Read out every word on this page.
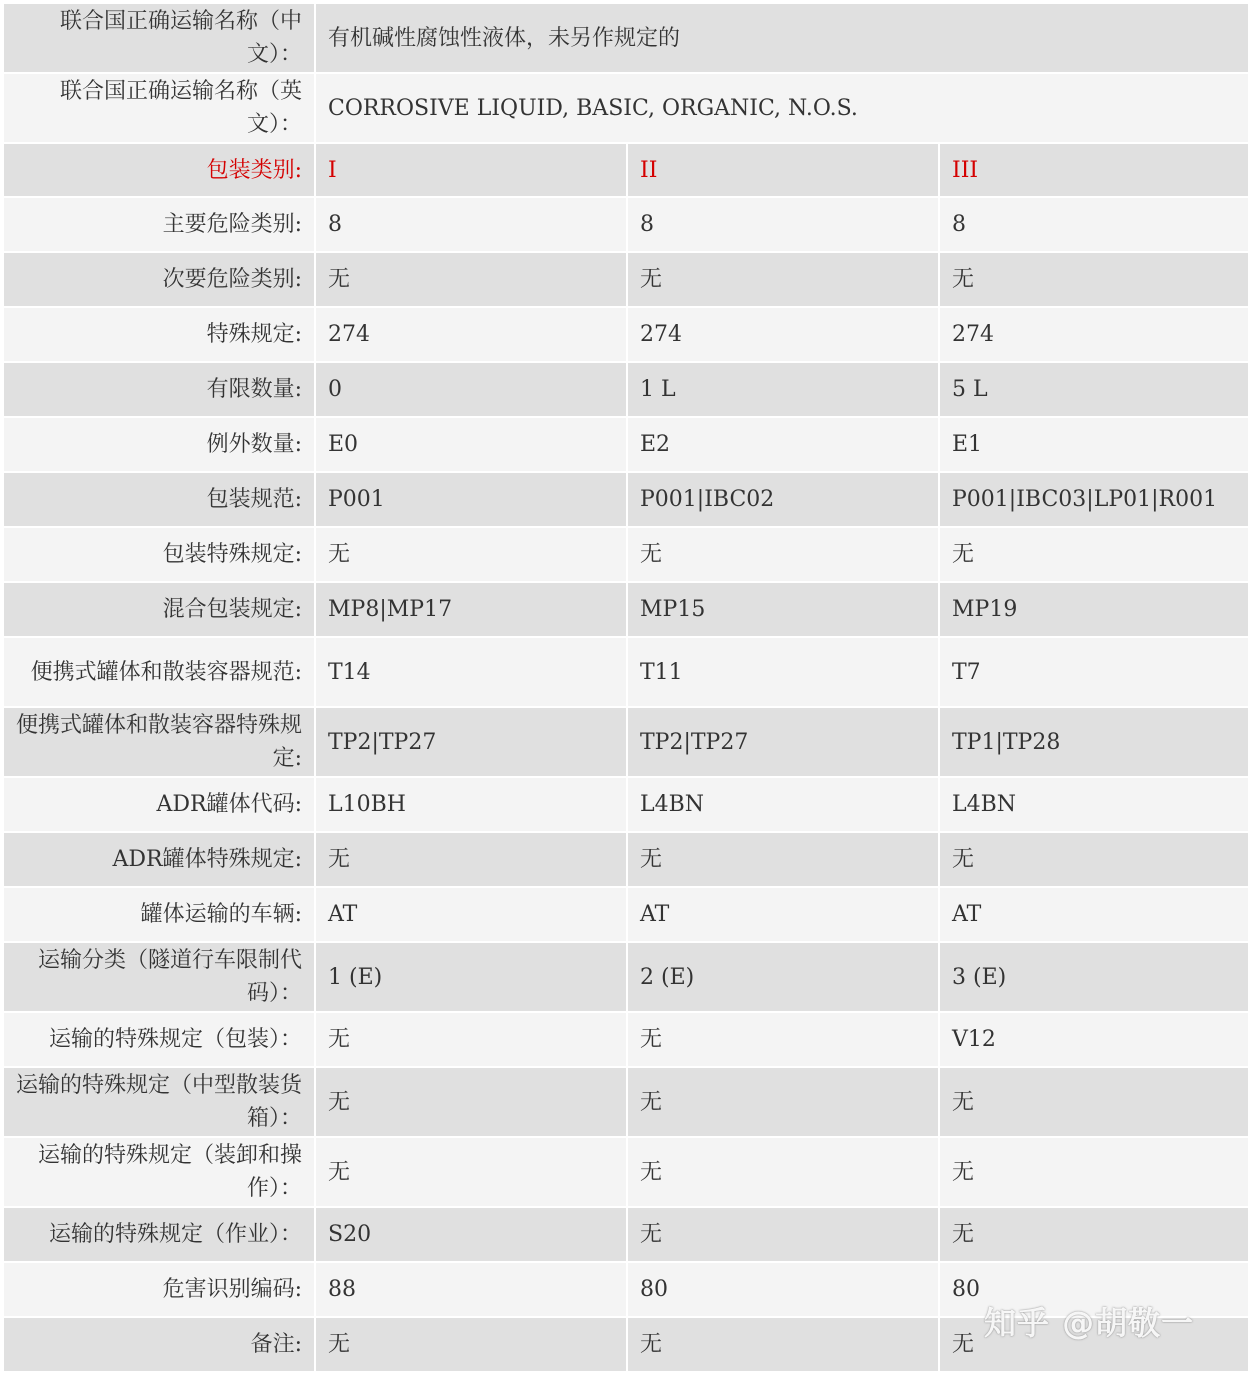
联合国正确运输名称（中文）：	有机碱性腐蚀性液体，未另作规定的		
联合国正确运输名称（英文）：	CORROSIVE LIQUID, BASIC, ORGANIC, N.O.S.		
包装类别:	I	II	III
主要危险类别:	8	8	8
次要危险类别:	无	无	无
特殊规定:	274	274	274
有限数量:	0	1 L	5 L
例外数量:	E0	E2	E1
包装规范:	P001	P001|IBC02	P001|IBC03|LP01|R001
包装特殊规定:	无	无	无
混合包装规定:	MP8|MP17	MP15	MP19
便携式罐体和散装容器规范:	T14	T11	T7
便携式罐体和散装容器特殊规定:	TP2|TP27	TP2|TP27	TP1|TP28
ADR罐体代码:	L10BH	L4BN	L4BN
ADR罐体特殊规定:	无	无	无
罐体运输的车辆:	AT	AT	AT
运输分类（隧道行车限制代码）：	1 (E)	2 (E)	3 (E)
运输的特殊规定（包装）：	无	无	V12
运输的特殊规定（中型散装货箱）：	无	无	无
运输的特殊规定（装卸和操作）：	无	无	无
运输的特殊规定（作业）：	S20	无	无
危害识别编码:	88	80	80
备注:	无	无	无
知乎 @胡敬一
